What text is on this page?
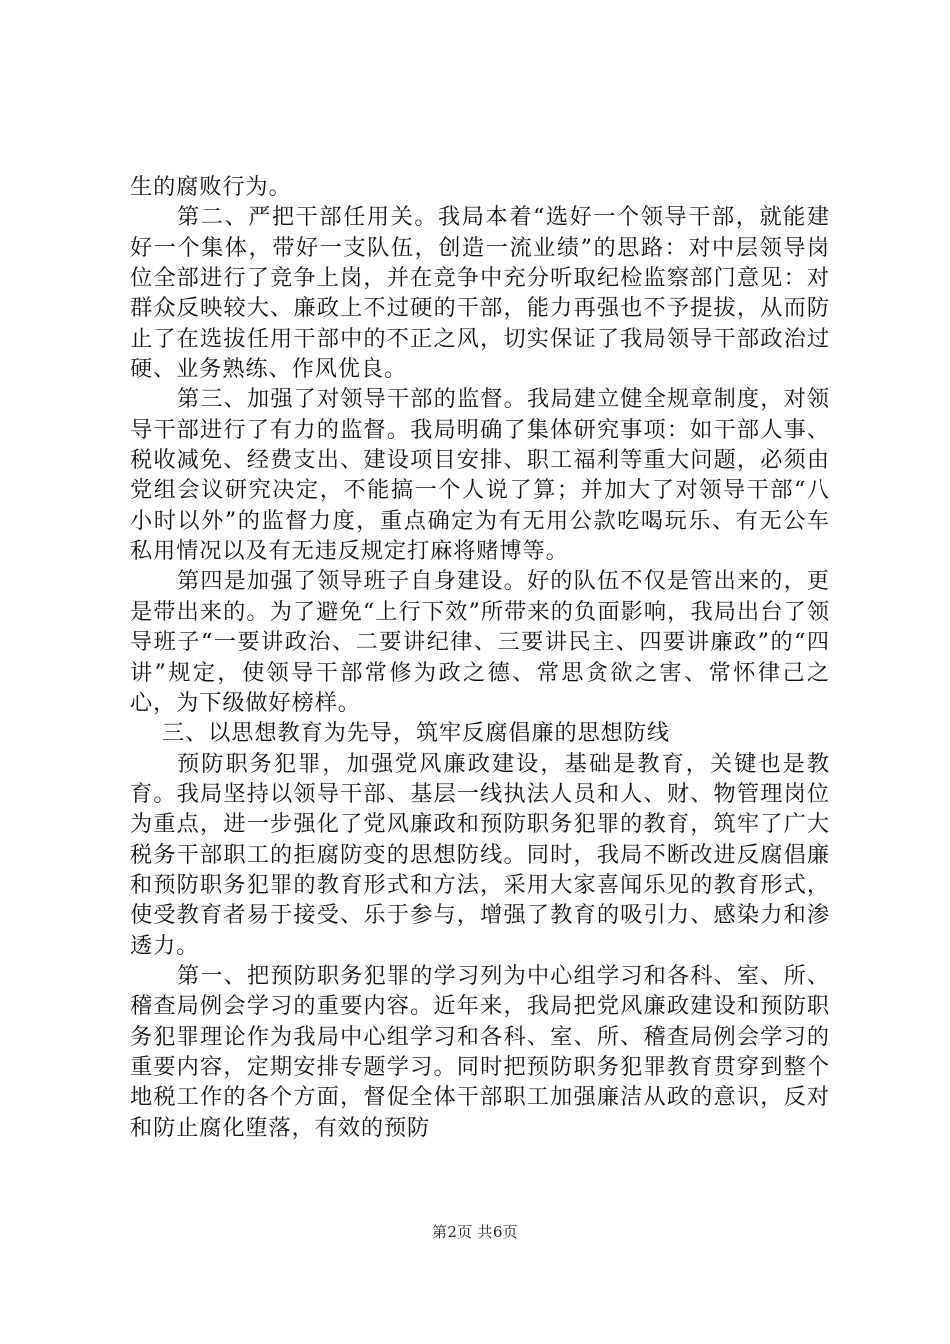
生的腐败行为。

第二、严把干部任用关。我局本着“选好一个领导干部，就能建好一个集体，带好一支队伍，创造一流业绩”的思路：对中层领导岗位全部进行了竞争上岗，并在竞争中充分听取纪检监察部门意见：对群众反映较大、廉政上不过硬的干部，能力再强也不予提拔，从而防止了在选拔任用干部中的不正之风，切实保证了我局领导干部政治过硬、业务熟练、作风优良。

第三、加强了对领导干部的监督。我局建立健全规章制度，对领导干部进行了有力的监督。我局明确了集体研究事项：如干部人事、税收减免、经费支出、建设项目安排、职工福利等重大问题，必须由党组会议研究决定，不能搞一个人说了算；并加大了对领导干部“八小时以外”的监督力度，重点确定为有无用公款吃喝玩乐、有无公车私用情况以及有无违反规定打麻将赌博等。

第四是加强了领导班子自身建设。好的队伍不仅是管出来的，更是带出来的。为了避免“上行下效”所带来的负面影响，我局出台了领导班子“一要讲政治、二要讲纪律、三要讲民主、四要讲廉政”的“四讲”规定，使领导干部常修为政之德、常思贪欲之害、常怀律己之心，为下级做好榜样。

三、以思想教育为先导，筑牢反腐倡廉的思想防线

预防职务犯罪，加强党风廉政建设，基础是教育，关键也是教育。我局坚持以领导干部、基层一线执法人员和人、财、物管理岗位为重点，进一步强化了党风廉政和预防职务犯罪的教育，筑牢了广大税务干部职工的拒腐防变的思想防线。同时，我局不断改进反腐倡廉和预防职务犯罪的教育形式和方法，采用大家喜闻乐见的教育形式，使受教育者易于接受、乐于参与，增强了教育的吸引力、感染力和渗透力。

第一、把预防职务犯罪的学习列为中心组学习和各科、室、所、稽查局例会学习的重要内容。近年来，我局把党风廉政建设和预防职务犯罪理论作为我局中心组学习和各科、室、所、稽查局例会学习的重要内容，定期安排专题学习。同时把预防职务犯罪教育贯穿到整个地税工作的各个方面，督促全体干部职工加强廉洁从政的意识，反对和防止腐化堕落，有效的预防

第2页 共6页
